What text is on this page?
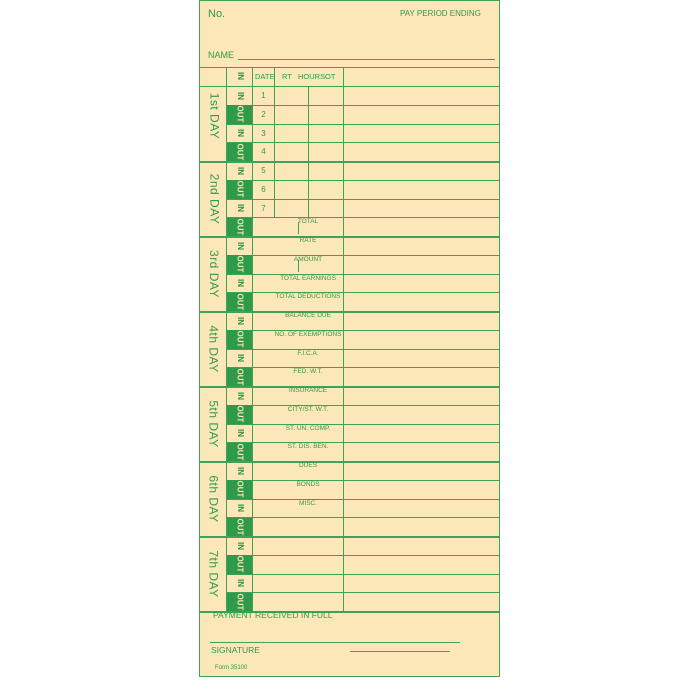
No.	PAY PERIOD ENDING
NAME
IN DATE RT HOURS OT
IN
OUT
IN
OUT
IN
OUT
IN
OUT
IN
OUT
IN
OUT
IN
OUT
IN
OUT
IN
OUT
IN
OUT
IN
OUT
IN
OUT
IN
OUT
IN
OUT
1st DAY
2nd DAY
3rd DAY
4th DAY
5th DAY
6th DAY
7th DAY
1
2
3
4
5
6
7
TOTAL
RATE
AMOUNT
TOTAL EARNINGS
TOTAL DEDUCTIONS
BALANCE DUE
NO. OF EXEMPTIONS
F.I.C.A.
FED. W.T.
INSURANCE
CITY/ST. W.T.
ST. UN. COMP.
ST. DIS. BEN.
DUES
BONDS
MISC.
PAYMENT RECEIVED IN FULL
SIGNATURE
Form 35100
